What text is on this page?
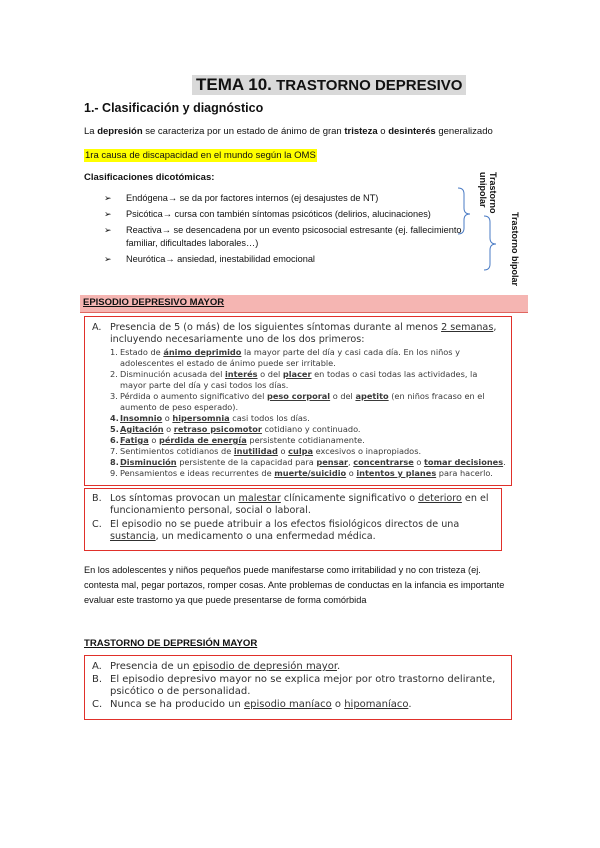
TEMA 10. TRASTORNO DEPRESIVO
1.- Clasificación y diagnóstico
La depresión se caracteriza por un estado de ánimo de gran tristeza o desinterés generalizado
1ra causa de discapacidad en el mundo según la OMS
Clasificaciones dicotómicas:
➢ Endógena→ se da por factores internos (ej desajustes de NT)
➢ Psicótica→ cursa con también síntomas psicóticos (delirios, alucinaciones)
➢ Reactiva→ se desencadena por un evento psicosocial estresante (ej. fallecimiento familiar, dificultades laborales…)
➢ Neurótica→ ansiedad, inestabilidad emocional
Trastorno
unipolar
Trastorno bipolar
EPISODIO DEPRESIVO MAYOR
A. Presencia de 5 (o más) de los siguientes síntomas durante al menos 2 semanas,
incluyendo necesariamente uno de los dos primeros:
1. Estado de ánimo deprimido la mayor parte del día y casi cada día. En los niños y adolescentes el estado de ánimo puede ser irritable.
2. Disminución acusada del interés o del placer en todas o casi todas las actividades, la mayor parte del día y casi todos los días.
3. Pérdida o aumento significativo del peso corporal o del apetito (en niños fracaso en el aumento de peso esperado).
4. Insomnio o hipersomnia casi todos los días.
5. Agitación o retraso psicomotor cotidiano y continuado.
6. Fatiga o pérdida de energía persistente cotidianamente.
7. Sentimientos cotidianos de inutilidad o culpa excesivos o inapropiados.
8. Disminución persistente de la capacidad para pensar, concentrarse o tomar decisiones.
9. Pensamientos e ideas recurrentes de muerte/suicidio o intentos y planes para hacerlo.
B. Los síntomas provocan un malestar clínicamente significativo o deterioro en el funcionamiento personal, social o laboral.
C. El episodio no se puede atribuir a los efectos fisiológicos directos de una sustancia, un medicamento o una enfermedad médica.
En los adolescentes y niños pequeños puede manifestarse como irritabilidad y no con tristeza (ej. contesta mal, pegar portazos, romper cosas. Ante problemas de conductas en la infancia es importante evaluar este trastorno ya que puede presentarse de forma comórbida
TRASTORNO DE DEPRESIÓN MAYOR
A. Presencia de un episodio de depresión mayor.
B. El episodio depresivo mayor no se explica mejor por otro trastorno delirante, psicótico o de personalidad.
C. Nunca se ha producido un episodio maníaco o hipomaníaco.
